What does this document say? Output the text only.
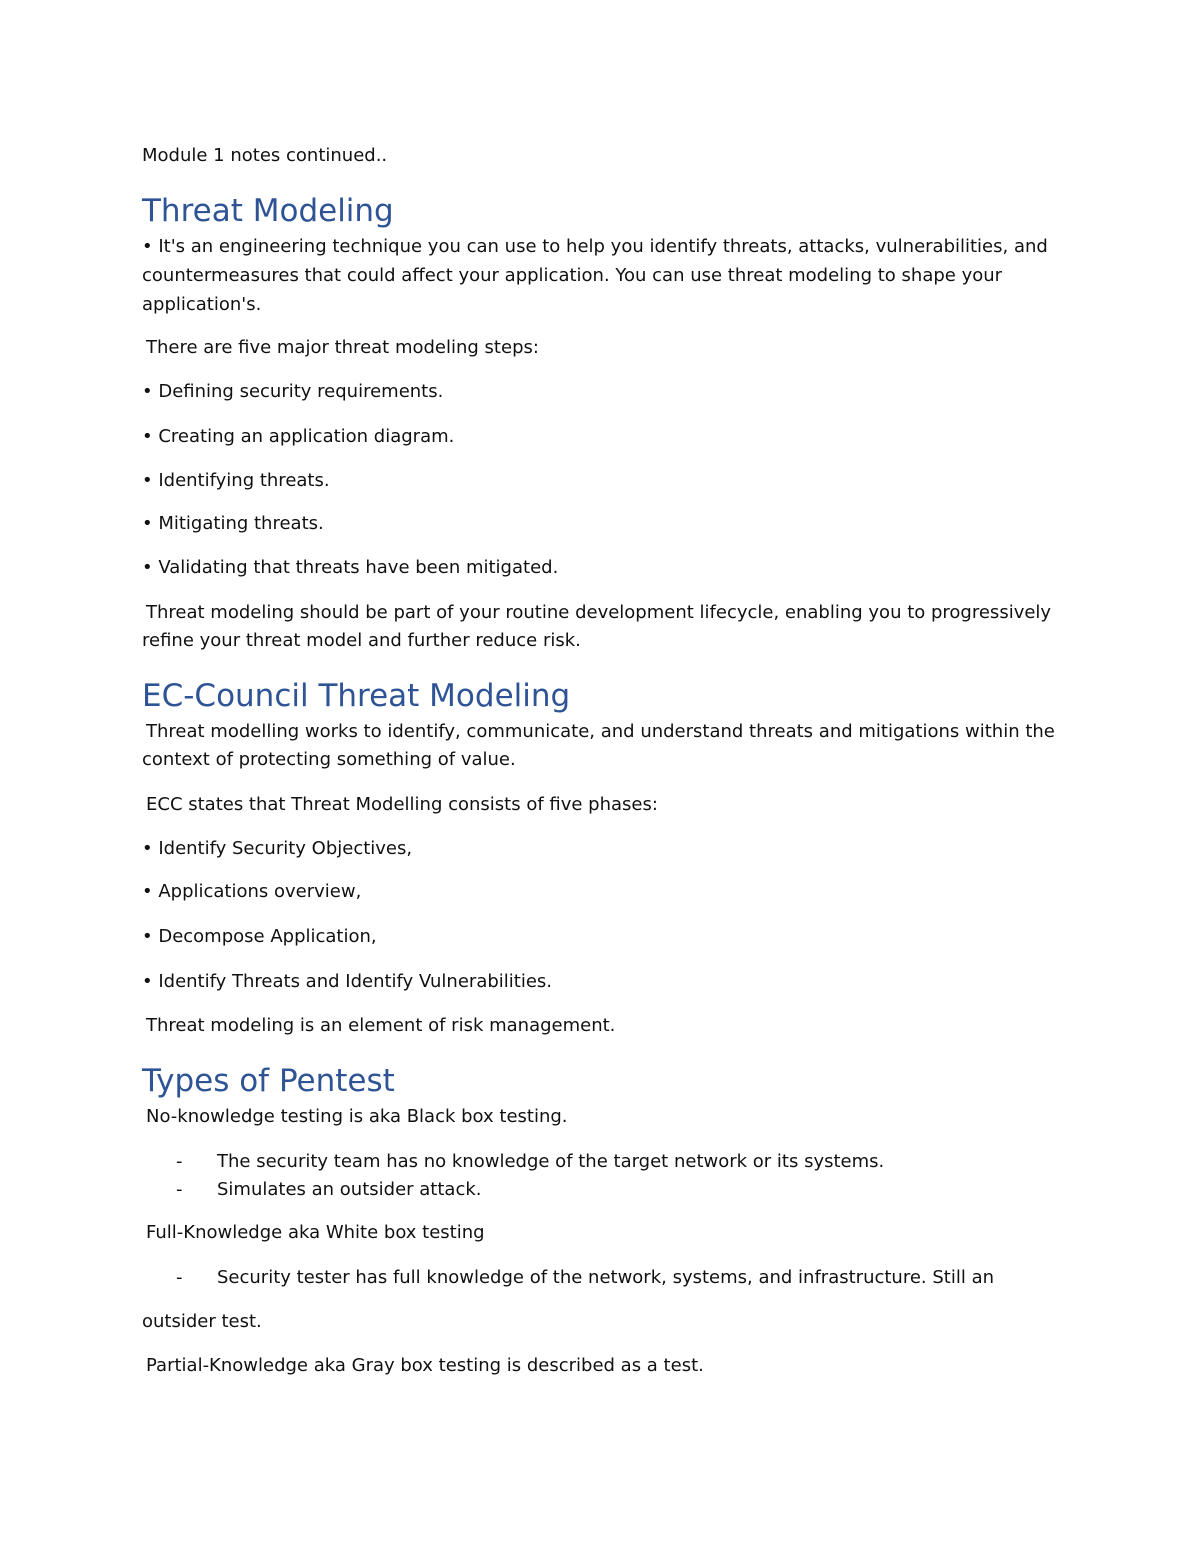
Module 1 notes continued..

Threat Modeling

• It's an engineering technique you can use to help you identify threats, attacks, vulnerabilities, and

countermeasures that could affect your application. You can use threat modeling to shape your

application's.

There are five major threat modeling steps:

• Defining security requirements.

• Creating an application diagram.

• Identifying threats.

• Mitigating threats.

• Validating that threats have been mitigated.

Threat modeling should be part of your routine development lifecycle, enabling you to progressively

refine your threat model and further reduce risk.

EC-Council Threat Modeling

Threat modelling works to identify, communicate, and understand threats and mitigations within the

context of protecting something of value.

ECC states that Threat Modelling consists of five phases:

• Identify Security Objectives,

• Applications overview,

• Decompose Application,

• Identify Threats and Identify Vulnerabilities.

Threat modeling is an element of risk management.

Types of Pentest

No-knowledge testing is aka Black box testing.

- The security team has no knowledge of the target network or its systems.
- Simulates an outsider attack.

Full-Knowledge aka White box testing

- Security tester has full knowledge of the network, systems, and infrastructure. Still an

outsider test.

Partial-Knowledge aka Gray box testing is described as a test.
